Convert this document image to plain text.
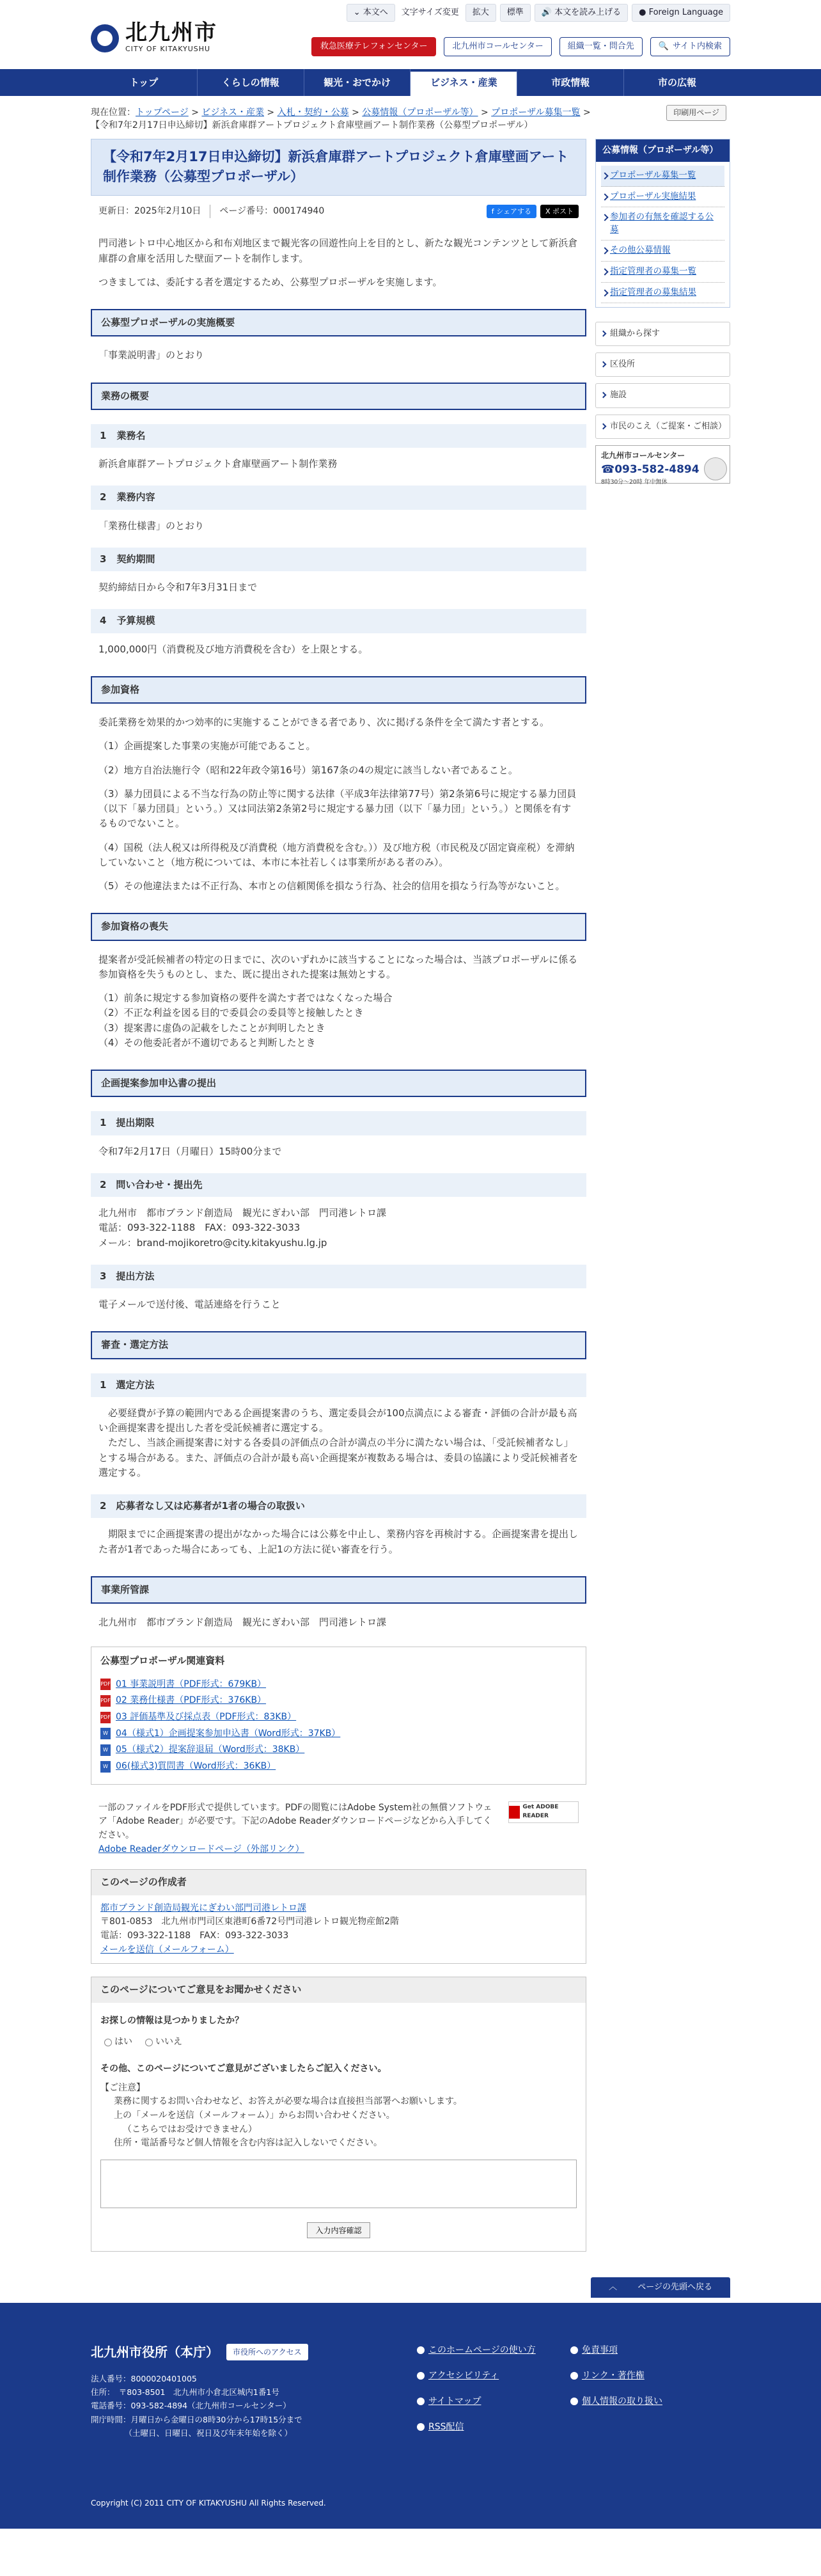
北九州市
CITY OF KITAKYUSHU
⌄ 本文へ	文字サイズ変更	拡大	標準	🔊 本文を読み上げる	● Foreign Language
救急医療テレフォンセンター	北九州市コールセンター	組織一覧・問合先	🔍 サイト内検索
トップ	くらしの情報	観光・おでかけ	ビジネス・産業	市政情報	市の広報
現在位置：トップページ > ビジネス・産業 > 入札・契約・公募 > 公募情報（プロポーザル等） > プロポーザル募集一覧 > 【令和7年2月17日申込締切】新浜倉庫群アートプロジェクト倉庫壁画アート制作業務（公募型プロポーザル）
印刷用ページ
【令和7年2月17日申込締切】新浜倉庫群アートプロジェクト倉庫壁画アート制作業務（公募型プロポーザル）
更新日：2025年2月10日	ページ番号：000174940	f シェアする	X ポスト

門司港レトロ中心地区から和布刈地区まで観光客の回遊性向上を目的とし、新たな観光コンテンツとして新浜倉庫群の倉庫を活用した壁面アートを制作します。

つきましては、委託する者を選定するため、公募型プロポーザルを実施します。

公募型プロポーザルの実施概要

「事業説明書」のとおり

業務の概要
1 業務名

新浜倉庫群アートプロジェクト倉庫壁画アート制作業務

2 業務内容

「業務仕様書」のとおり

3 契約期間

契約締結日から令和7年3月31日まで

4 予算規模

1,000,000円（消費税及び地方消費税を含む）を上限とする。

参加資格

委託業務を効果的かつ効率的に実施することができる者であり、次に掲げる条件を全て満たす者とする。

（1）企画提案した事業の実施が可能であること。

（2）地方自治法施行令（昭和22年政令第16号）第167条の4の規定に該当しない者であること。

（3）暴力団員による不当な行為の防止等に関する法律（平成3年法律第77号）第2条第6号に規定する暴力団員（以下「暴力団員」という。）又は同法第2条第2号に規定する暴力団（以下「暴力団」という。）と関係を有するものでないこと。

（4）国税（法人税又は所得税及び消費税（地方消費税を含む。））及び地方税（市民税及び固定資産税）を滞納していないこと（地方税については、本市に本社若しくは事業所がある者のみ）。

（5）その他違法または不正行為、本市との信頼関係を損なう行為、社会的信用を損なう行為等がないこと。

参加資格の喪失

提案者が受託候補者の特定の日までに、次のいずれかに該当することになった場合は、当該プロポーザルに係る参加資格を失うものとし、また、既に提出された提案は無効とする。

（1）前条に規定する参加資格の要件を満たす者ではなくなった場合
（2）不正な利益を図る目的で委員会の委員等と接触したとき
（3）提案書に虚偽の記載をしたことが判明したとき
（4）その他委託者が不適切であると判断したとき
企画提案参加申込書の提出
1　提出期限

令和7年2月17日（月曜日）15時00分まで

2　問い合わせ・提出先
北九州市　都市ブランド創造局　観光にぎわい部　門司港レトロ課
電話：093-322-1188　FAX：093-322-3033
メール：brand-mojikoretro@city.kitakyushu.lg.jp
3　提出方法

電子メールで送付後、電話連絡を行うこと

審査・選定方法
1　選定方法
必要経費が予算の範囲内である企画提案書のうち、選定委員会が100点満点による審査・評価の合計が最も高い企画提案書を提出した者を受託候補者に選定する。
ただし、当該企画提案書に対する各委員の評価点の合計が満点の半分に満たない場合は、「受託候補者なし」とする場合がある。また、評価点の合計が最も高い企画提案が複数ある場合は、委員の協議により受託候補者を選定する。
2　応募者なし又は応募者が1者の場合の取扱い

期限までに企画提案書の提出がなかった場合には公募を中止し、業務内容を再検討する。企画提案書を提出した者が1者であった場合にあっても、上記1の方法に従い審査を行う。

事業所管課

北九州市　都市ブランド創造局　観光にぎわい部　門司港レトロ課

公募型プロポーザル関連資料
PDF 01 事業説明書（PDF形式：679KB）
PDF 02 業務仕様書（PDF形式：376KB）
PDF 03 評価基準及び採点表（PDF形式：83KB）
W 04（様式1）企画提案参加申込書（Word形式：37KB）
W 05（様式2）提案辞退届（Word形式：38KB）
W 06(様式3)質問書（Word形式：36KB）
一部のファイルをPDF形式で提供しています。PDFの閲覧にはAdobe System社の無償ソフトウェア「Adobe Reader」が必要です。下記のAdobe Readerダウンロードページなどから入手してください。
Adobe Readerダウンロードページ（外部リンク）
Get ADOBE READER
このページの作成者
都市ブランド創造局観光にぎわい部門司港レトロ課
〒801-0853　北九州市門司区東港町6番72号門司港レトロ観光物産館2階
電話：093-322-1188　FAX：093-322-3033
メールを送信（メールフォーム）
このページについてご意見をお聞かせください
お探しの情報は見つかりましたか？
はい	いいえ
その他、このページについてご意見がございましたらご記入ください。
【ご注意】
業務に関するお問い合わせなど、お答えが必要な場合は直接担当部署へお願いします。
上の「メールを送信（メールフォーム）」からお問い合わせください。
（こちらではお受けできません）
住所・電話番号など個人情報を含む内容は記入しないでください。
入力内容確認
公募情報（プロポーザル等）
プロポーザル募集一覧
プロポーザル実施結果
参加者の有無を確認する公募
その他公募情報
指定管理者の募集一覧
指定管理者の募集結果
組織から探す
区役所
施設
市民のこえ（ご提案・ご相談）
北九州市コールセンター
☎093-582-4894
8時30分～20時 年中無休
︿ ページの先頭へ戻る
北九州市役所（本庁）	市役所へのアクセス
法人番号：8000020401005
住所：　〒803-8501　北九州市小倉北区城内1番1号
電話番号：093-582-4894（北九州市コールセンター）
開庁時間：月曜日から金曜日の8時30分から17時15分まで
（土曜日、日曜日、祝日及び年末年始を除く）
このホームページの使い方	免責事項
アクセシビリティ	リンク・著作権
サイトマップ	個人情報の取り扱い
RSS配信
Copyright (C) 2011 CITY OF KITAKYUSHU All Rights Reserved.
